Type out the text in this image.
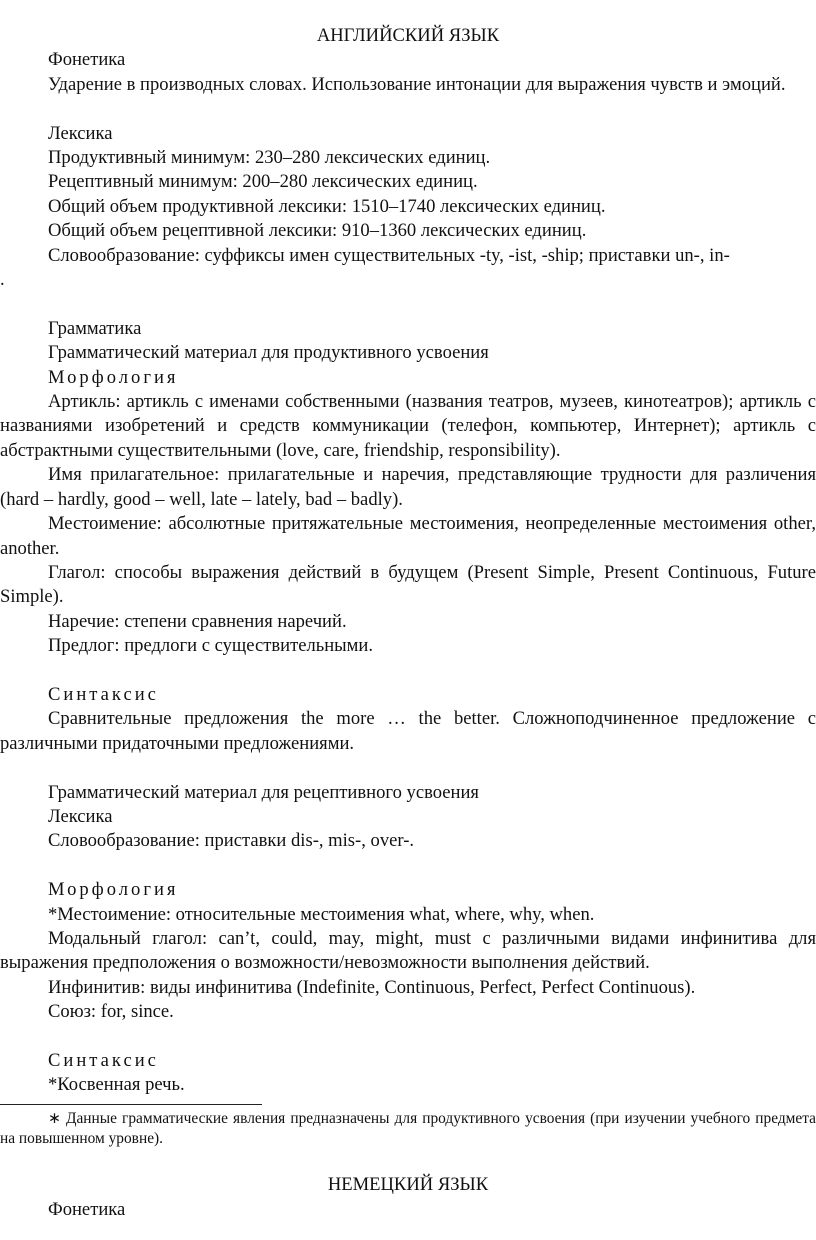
АНГЛИЙСКИЙ ЯЗЫК

Фонетика

Ударение в производных словах. Использование интонации для выражения чувств и эмоций.

Лексика

Продуктивный минимум: 230–280 лексических единиц.

Рецептивный минимум: 200–280 лексических единиц.

Общий объем продуктивной лексики: 1510–1740 лексических единиц.

Общий объем рецептивной лексики: 910–1360 лексических единиц.

Словообразование: суффиксы имен существительных -ty, -ist, -ship; приставки un-, in-

.

Грамматика

Грамматический материал для продуктивного усвоения

Морфология

Артикль: артикль с именами собственными (названия театров, музеев, кинотеатров); артикль с названиями изобретений и средств коммуникации (телефон, компьютер, Интернет); артикль с абстрактными существительными (love, care, friendship, responsibility).

Имя прилагательное: прилагательные и наречия, представляющие трудности для различения (hard – hardly, good – well, late – lately, bad – badly).

Местоимение: абсолютные притяжательные местоимения, неопределенные местоимения other, another.

Глагол: способы выражения действий в будущем (Present Simple, Present Continuous, Future Simple).

Наречие: степени сравнения наречий.

Предлог: предлоги с существительными.

Синтаксис

Сравнительные предложения the more … the better. Сложноподчиненное предложение с различными придаточными предложениями.

Грамматический материал для рецептивного усвоения

Лексика

Словообразование: приставки dis-, mis-, over-.

Морфология

*Местоимение: относительные местоимения what, where, why, when.

Модальный глагол: can’t, could, may, might, must с различными видами инфинитива для выражения предположения о возможности/невозможности выполнения действий.

Инфинитив: виды инфинитива (Indefinite, Continuous, Perfect, Perfect Continuous).

Союз: for, since.

Синтаксис

*Косвенная речь.

∗ Данные грамматические явления предназначены для продуктивного усвоения (при изучении учебного предмета на повышенном уровне).

НЕМЕЦКИЙ ЯЗЫК

Фонетика
